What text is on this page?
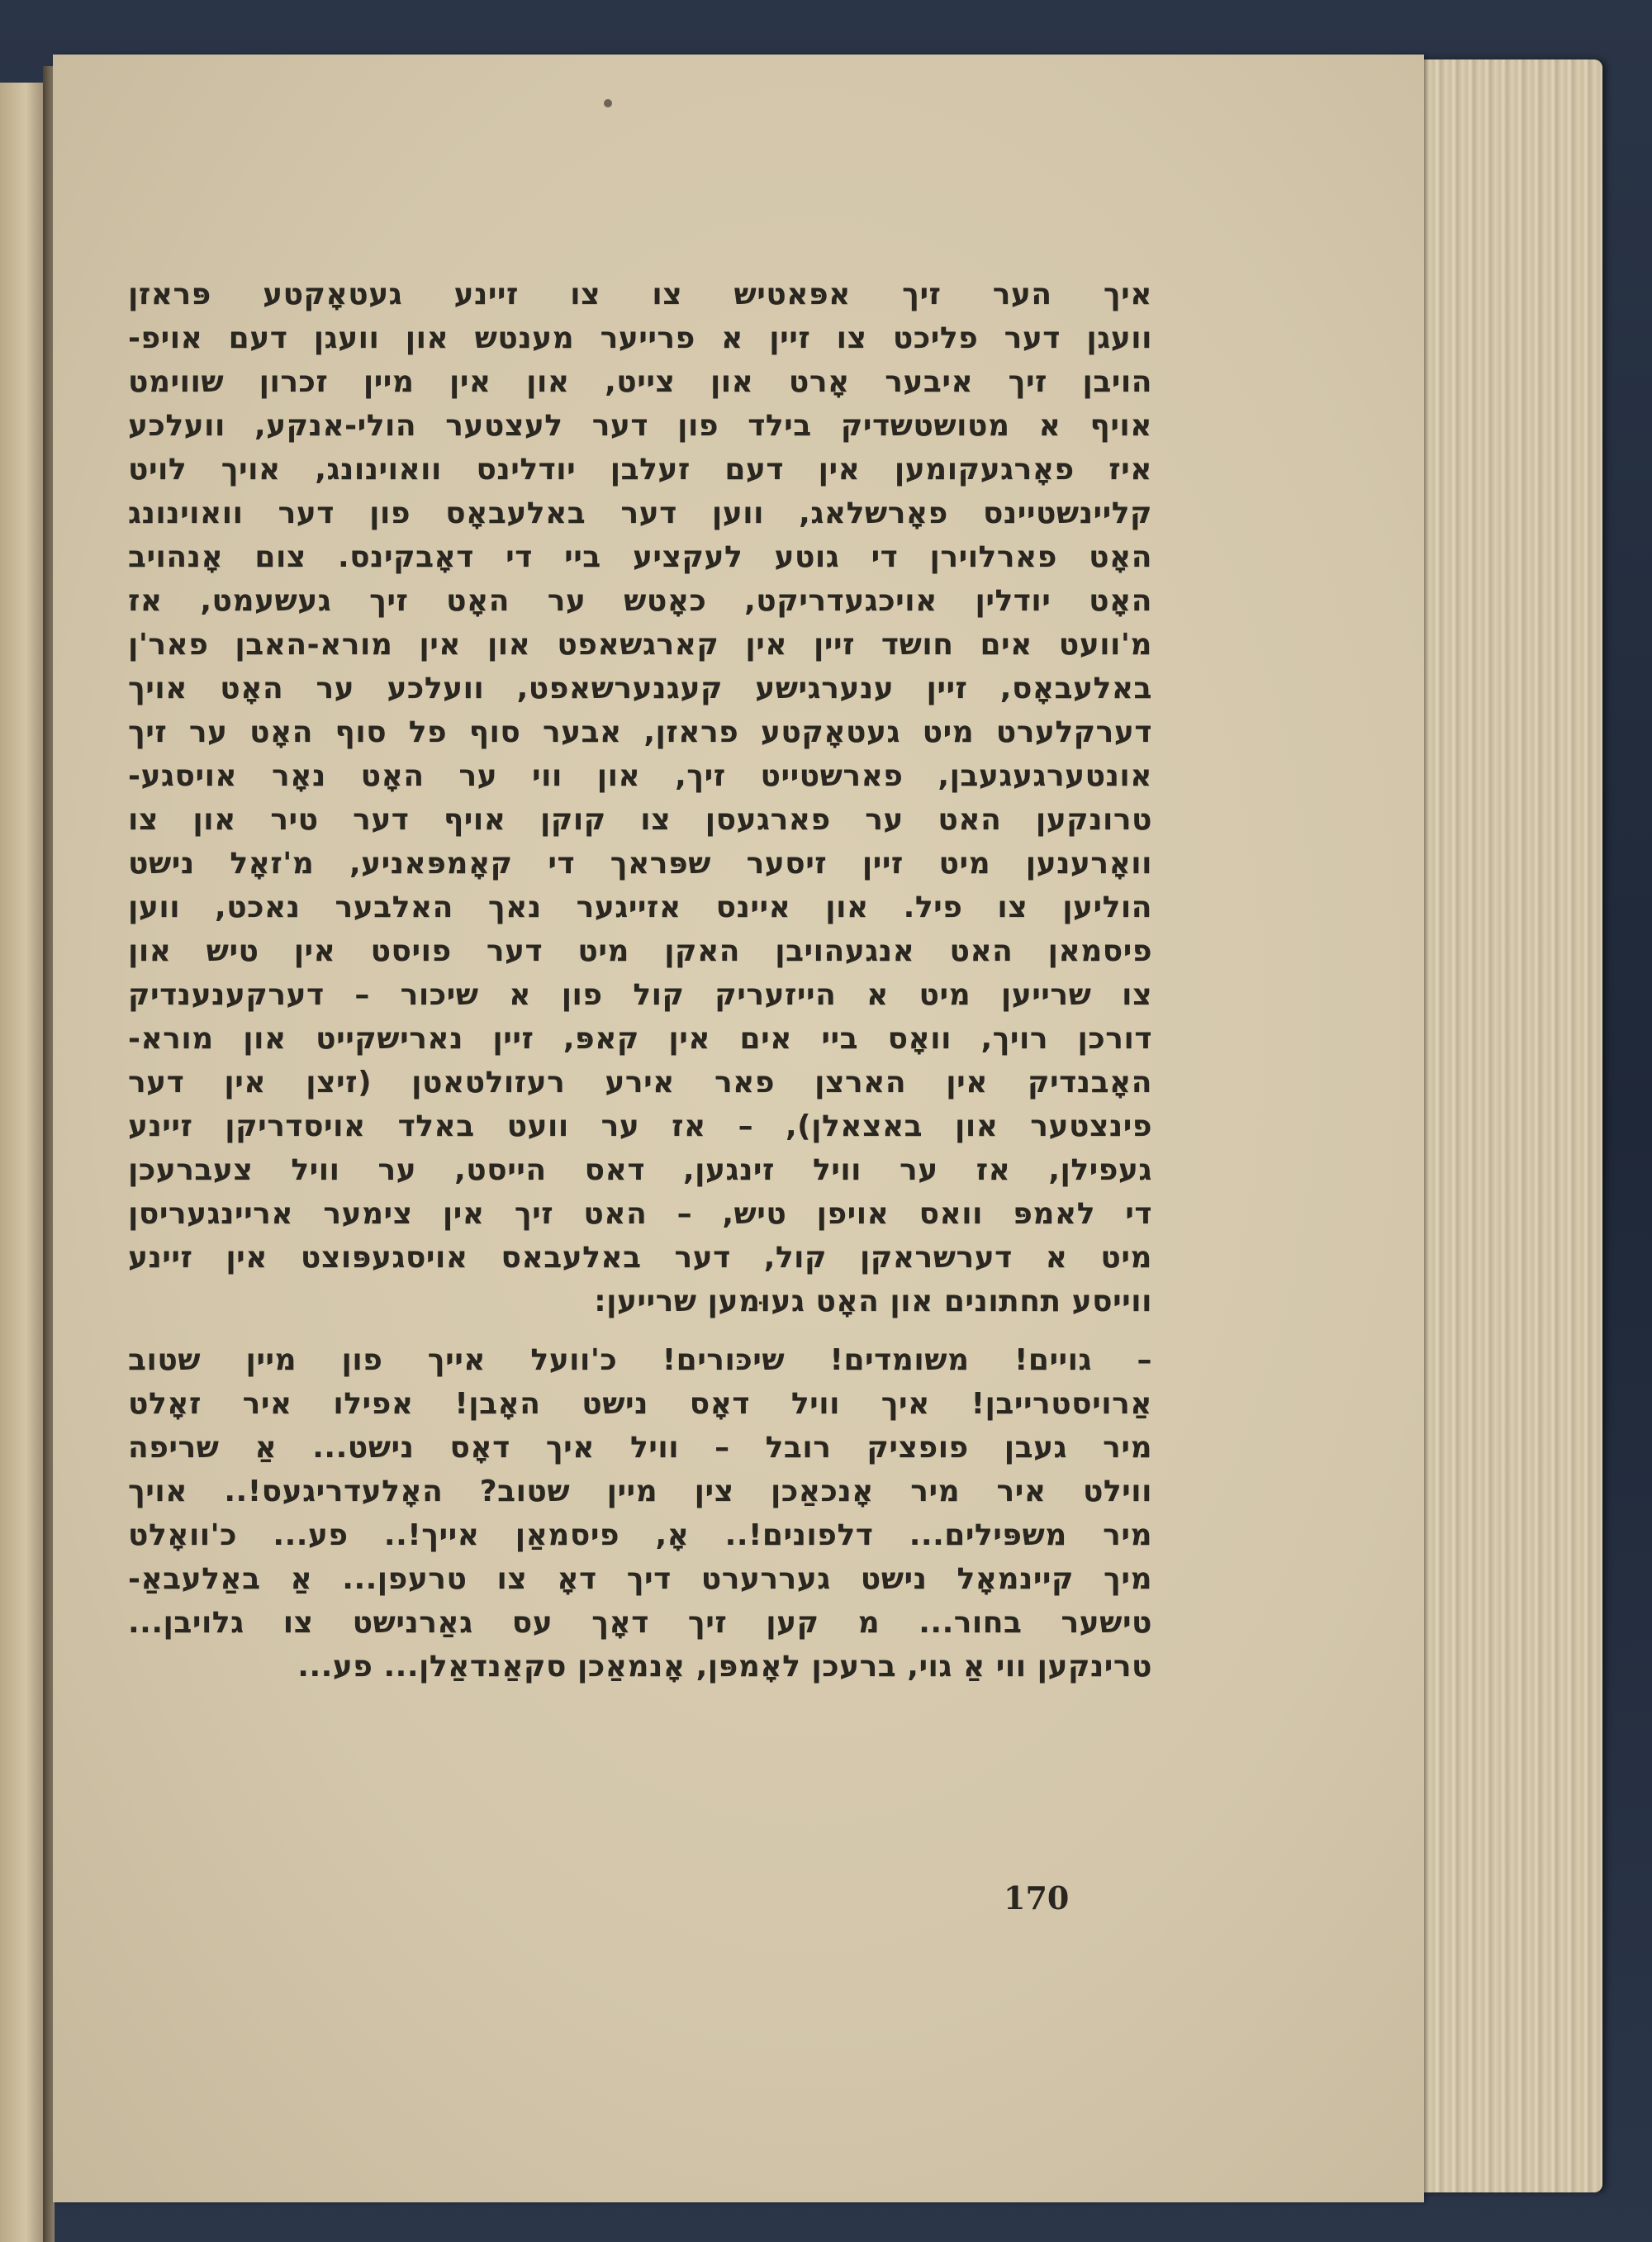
איך הער זיך אפּאטיש צו צו זיינע געטאָקטע פּראזן
וועגן דער פליכט צו זיין א פרייער מענטש און וועגן דעם אויפ-
הויבן זיך איבער אָרט און צייט, און אין מיין זכרון שווימט
אויף א מטושטשדיק בילד פון דער לעצטער הולי-אנקע, וועלכע
איז פאָרגעקומען אין דעם זעלבן יודלינס וואוינונג, אויך לויט
קליינשטיינס פאָרשלאג, ווען דער באלעבאָס פון דער וואוינונג
האָט פארלוירן די גוטע לעקציע ביי די דאָבקינס. צום אָנהויב
האָט יודלין אויכגעדריקט, כאָטש ער האָט זיך געשעמט, אז
מ'וועט אים חושד זיין אין קארגשאפט און אין מורא-האבן פאר'ן
באלעבאָס, זיין ענערגישע קעגנערשאפט, וועלכע ער האָט אויך
דערקלערט מיט געטאָקטע פראזן, אבער סוף פל סוף האָט ער זיך
אונטערגעגעבן, פארשטייט זיך, און ווי ער האָט נאָר אויסגע-
טרונקען האט ער פארגעסן צו קוקן אויף דער טיר און צו
וואָרענען מיט זיין זיסער שפּראך די קאָמפּאניע, מ'זאָל נישט
הוליען צו פיל. און איינס אזייגער נאך האלבער נאכט, ווען
פיסמאן האט אנגעהויבן האקן מיט דער פויסט אין טיש און
צו שרייען מיט א הייזעריק קול פון א שיכור – דערקענענדיק
דורכן רויך, וואָס ביי אים אין קאפּ, זיין נארישקייט און מורא-
האָבנדיק אין הארצן פאר אירע רעזולטאטן (זיצן אין דער
פינצטער און באצאלן), – אז ער וועט באלד אויסדריקן זיינע
געפילן, אז ער וויל זינגען, דאס הייסט, ער וויל צעברעכן
די לאמפּ וואס אויפן טיש, – האט זיך אין צימער אריינגעריסן
מיט א דערשראקן קול, דער באלעבאס אויסגעפּוצט אין זיינע
ווייסע תחתונים און האָט געוּמען שרייען:
– גויים! משומדים! שיכּורים! כ'וועל אייך פון מיין שטוב
אַרויסטרייבן! איך וויל דאָס נישט האָבן! אפילו איר זאָלט
מיר געבן פופציק רובל – וויל איך דאָס נישט... אַ שריפה
ווילט איר מיר אָנכאַכן צין מיין שטוב? האָלעדריגעס!.. אויך
מיר משפּילים... דלפונים!.. אָ, פיסמאַן אייך!.. פע... כ'וואָלט
מיך קיינמאָל נישט געררערט דיך דאָ צו טרעפן... אַ באַלעבאַ-
טישער בחור... מ קען זיך דאָך עס גאַרנישט צו גלויבן...
טרינקען ווי אַ גוי, ברעכן לאָמפּן, אָנמאַכן סקאַנדאַלן... פע...
170
